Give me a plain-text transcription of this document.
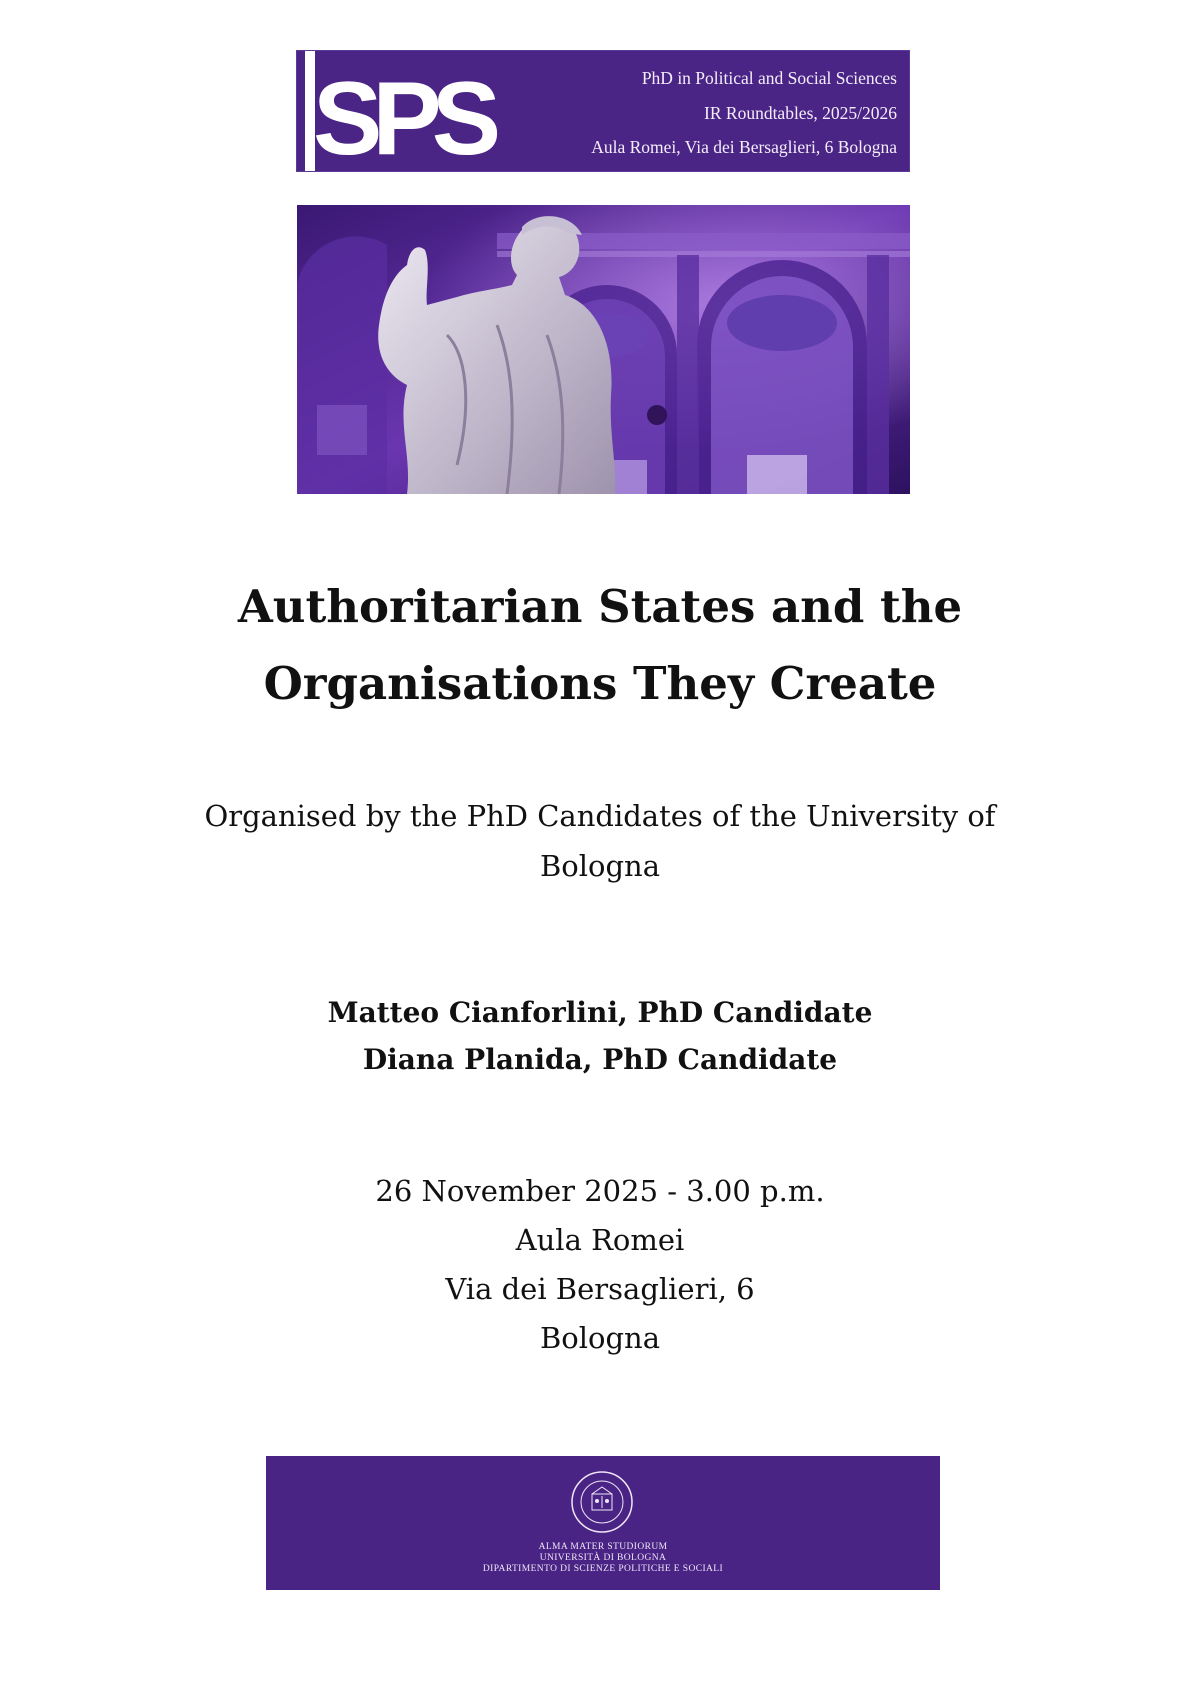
SPS	PhD in Political and Social Sciences
IR Roundtables, 2025/2026
Aula Romei, Via dei Bersaglieri, 6 Bologna
Authoritarian States and the
Organisations They Create
Organised by the PhD Candidates of the University of
Bologna
Matteo Cianforlini, PhD Candidate
Diana Planida, PhD Candidate
26 November 2025 - 3.00 p.m.
Aula Romei
Via dei Bersaglieri, 6
Bologna
ALMA MATER STUDIORUM
UNIVERSITÀ DI BOLOGNA
DIPARTIMENTO DI SCIENZE POLITICHE E SOCIALI
